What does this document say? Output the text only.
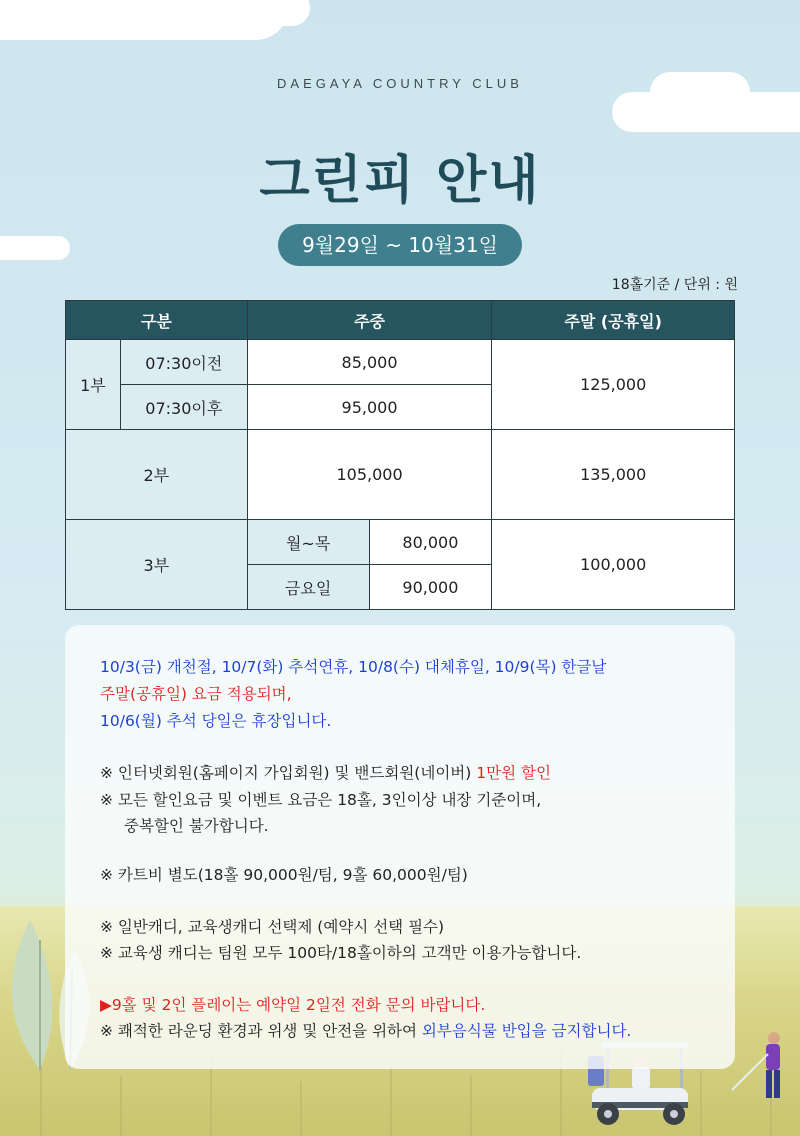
DAEGAYA COUNTRY CLUB
그린피 안내
9월29일 ~ 10월31일
18홀기준 / 단위 : 원
구분		주중		주말 (공휴일)
1부	07:30이전	85,000		125,000
	07:30이후	95,000		
2부		105,000		135,000
3부		월~목	80,000	100,000
		금요일	90,000	
10/3(금) 개천절, 10/7(화) 추석연휴, 10/8(수) 대체휴일, 10/9(목) 한글날
주말(공휴일) 요금 적용되며,
10/6(월) 추석 당일은 휴장입니다.
※ 인터넷회원(홈페이지 가입회원) 및 밴드회원(네이버) 1만원 할인
※ 모든 할인요금 및 이벤트 요금은 18홀, 3인이상 내장 기준이며,
중복할인 불가합니다.
※ 카트비 별도(18홀 90,000원/팀, 9홀 60,000원/팀)
※ 일반캐디, 교육생캐디 선택제 (예약시 선택 필수)
※ 교육생 캐디는 팀원 모두 100타/18홀이하의 고객만 이용가능합니다.
▶9홀 및 2인 플레이는 예약일 2일전 전화 문의 바랍니다.
※ 쾌적한 라운딩 환경과 위생 및 안전을 위하여 외부음식물 반입을 금지합니다.
